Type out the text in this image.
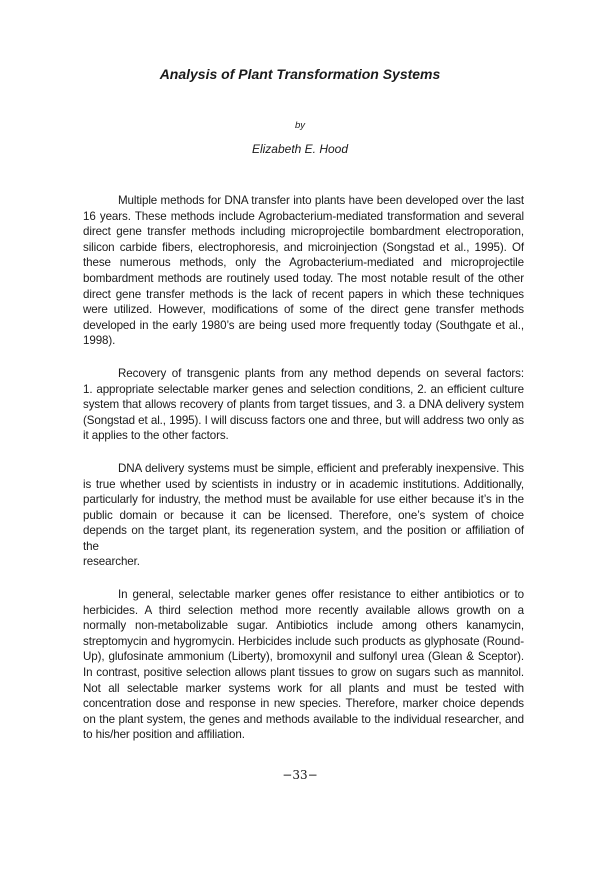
Analysis of Plant Transformation Systems
by
Elizabeth E. Hood
Multiple methods for DNA transfer into plants have been developed over the last
16 years. These methods include Agrobacterium-mediated transformation and several
direct gene transfer methods including microprojectile bombardment electroporation,
silicon carbide fibers, electrophoresis, and microinjection (Songstad et al., 1995). Of
these numerous methods, only the Agrobacterium-mediated and microprojectile
bombardment methods are routinely used today. The most notable result of the other
direct gene transfer methods is the lack of recent papers in which these techniques
were utilized. However, modifications of some of the direct gene transfer methods
developed in the early 1980’s are being used more frequently today (Southgate et al.,
1998).
Recovery of transgenic plants from any method depends on several factors:
1. appropriate selectable marker genes and selection conditions, 2. an efficient culture
system that allows recovery of plants from target tissues, and 3. a DNA delivery system
(Songstad et al., 1995). I will discuss factors one and three, but will address two only as
it applies to the other factors.
DNA delivery systems must be simple, efficient and preferably inexpensive. This
is true whether used by scientists in industry or in academic institutions. Additionally,
particularly for industry, the method must be available for use either because it’s in the
public domain or because it can be licensed. Therefore, one’s system of choice
depends on the target plant, its regeneration system, and the position or affiliation of the
researcher.
In general, selectable marker genes offer resistance to either antibiotics or to
herbicides. A third selection method more recently available allows growth on a
normally non-metabolizable sugar. Antibiotics include among others kanamycin,
streptomycin and hygromycin. Herbicides include such products as glyphosate (Round-
Up), glufosinate ammonium (Liberty), bromoxynil and sulfonyl urea (Glean & Sceptor).
In contrast, positive selection allows plant tissues to grow on sugars such as mannitol.
Not all selectable marker systems work for all plants and must be tested with
concentration dose and response in new species. Therefore, marker choice depends
on the plant system, the genes and methods available to the individual researcher, and
to his/her position and affiliation.
−33−
